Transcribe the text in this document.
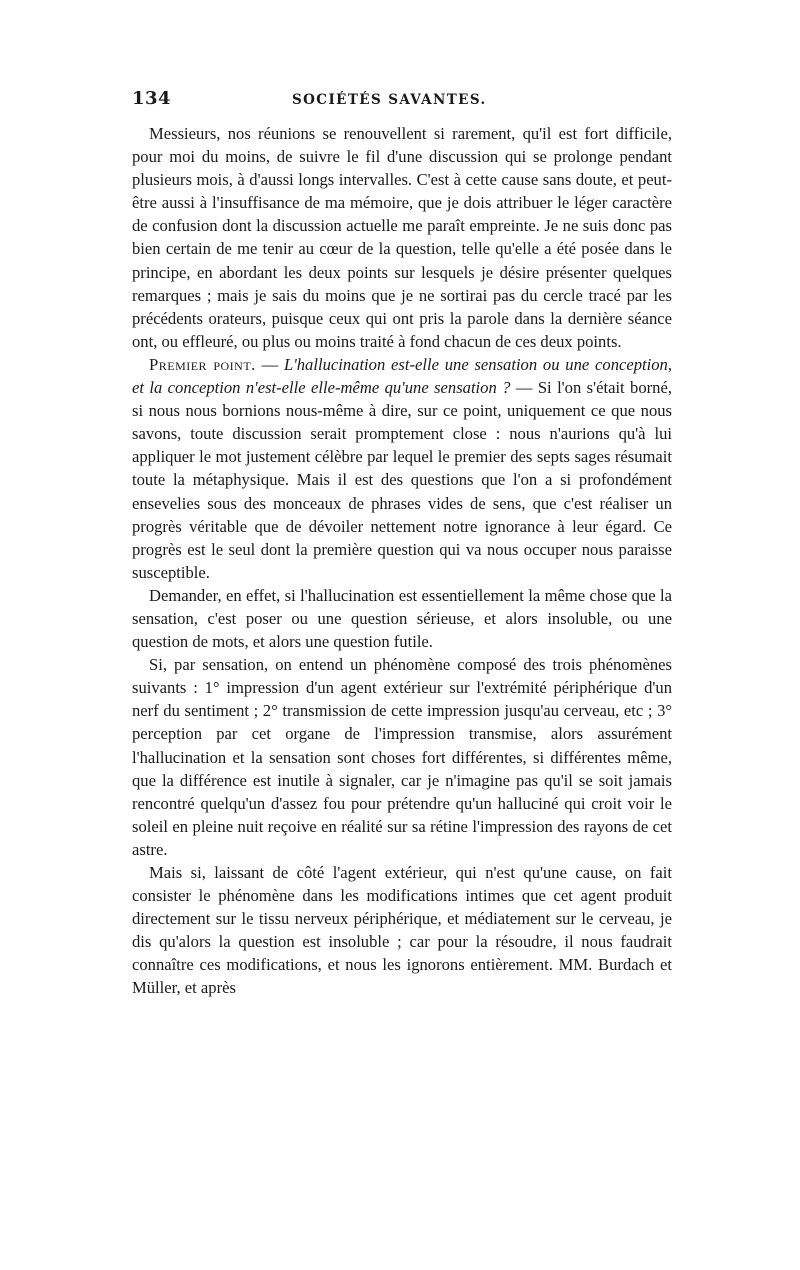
134	SOCIÉTÉS SAVANTES.

Messieurs, nos réunions se renouvellent si rarement, qu'il est fort difficile, pour moi du moins, de suivre le fil d'une discussion qui se prolonge pendant plusieurs mois, à d'aussi longs intervalles. C'est à cette cause sans doute, et peut-être aussi à l'insuffisance de ma mémoire, que je dois attribuer le léger caractère de confusion dont la discussion actuelle me paraît empreinte. Je ne suis donc pas bien certain de me tenir au cœur de la question, telle qu'elle a été posée dans le principe, en abordant les deux points sur lesquels je désire présenter quelques remarques ; mais je sais du moins que je ne sortirai pas du cercle tracé par les précédents orateurs, puisque ceux qui ont pris la parole dans la dernière séance ont, ou effleuré, ou plus ou moins traité à fond chacun de ces deux points.

Premier point. — L'hallucination est-elle une sensation ou une conception, et la conception n'est-elle elle-même qu'une sensation ? — Si l'on s'était borné, si nous nous bornions nous-même à dire, sur ce point, uniquement ce que nous savons, toute discussion serait promptement close : nous n'aurions qu'à lui appliquer le mot justement célèbre par lequel le premier des septs sages résumait toute la métaphysique. Mais il est des questions que l'on a si profondément ensevelies sous des monceaux de phrases vides de sens, que c'est réaliser un progrès véritable que de dévoiler nettement notre ignorance à leur égard. Ce progrès est le seul dont la première question qui va nous occuper nous paraisse susceptible.

Demander, en effet, si l'hallucination est essentiellement la même chose que la sensation, c'est poser ou une question sérieuse, et alors insoluble, ou une question de mots, et alors une question futile.

Si, par sensation, on entend un phénomène composé des trois phénomènes suivants : 1° impression d'un agent extérieur sur l'extrémité périphérique d'un nerf du sentiment ; 2° transmission de cette impression jusqu'au cerveau, etc ; 3° perception par cet organe de l'impression transmise, alors assurément l'hallucination et la sensation sont choses fort différentes, si différentes même, que la différence est inutile à signaler, car je n'imagine pas qu'il se soit jamais rencontré quelqu'un d'assez fou pour prétendre qu'un halluciné qui croit voir le soleil en pleine nuit reçoive en réalité sur sa rétine l'impression des rayons de cet astre.

Mais si, laissant de côté l'agent extérieur, qui n'est qu'une cause, on fait consister le phénomène dans les modifications intimes que cet agent produit directement sur le tissu nerveux périphérique, et médiatement sur le cerveau, je dis qu'alors la question est insoluble ; car pour la résoudre, il nous faudrait connaître ces modifications, et nous les ignorons entièrement. MM. Burdach et Müller, et après
